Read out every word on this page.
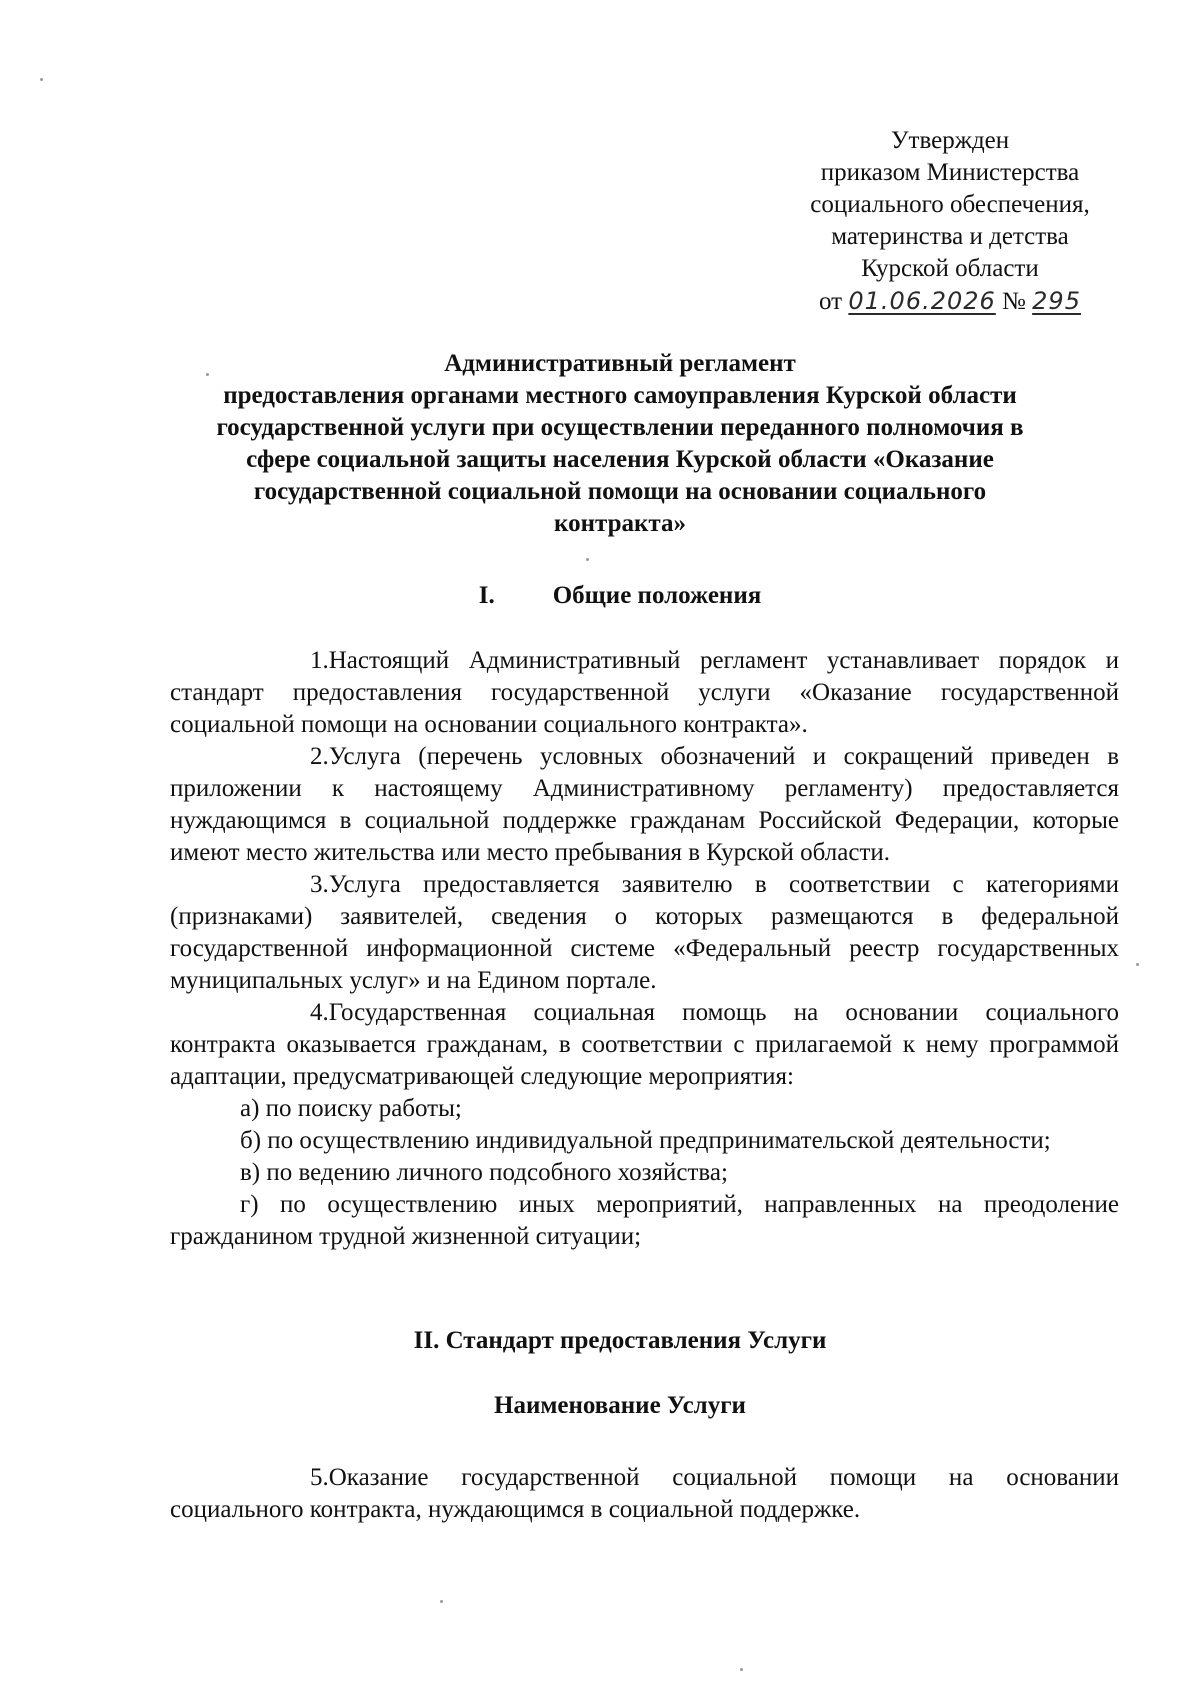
Утвержден
приказом Министерства
социального обеспечения,
материнства и детства
Курской области
от 01.06.2026 № 295
Административный регламент
предоставления органами местного самоуправления Курской области
государственной услуги при осуществлении переданного полномочия в
сфере социальной защиты населения Курской области «Оказание
государственной социальной помощи на основании социального
контракта»
I. Общие положения

1.Настоящий Административный регламент устанавливает порядок и стандарт предоставления государственной услуги «Оказание государственной социальной помощи на основании социального контракта».

2.Услуга (перечень условных обозначений и сокращений приведен в приложении к настоящему Административному регламенту) предоставляется нуждающимся в социальной поддержке гражданам Российской Федерации, которые имеют место жительства или место пребывания в Курской области.

3.Услуга предоставляется заявителю в соответствии с категориями (признаками) заявителей, сведения о которых размещаются в федеральной государственной информационной системе «Федеральный реестр государственных муниципальных услуг» и на Едином портале.

4.Государственная социальная помощь на основании социального контракта оказывается гражданам, в соответствии с прилагаемой к нему программой адаптации, предусматривающей следующие мероприятия:

а) по поиску работы;

б) по осуществлению индивидуальной предпринимательской деятельности;

в) по ведению личного подсобного хозяйства;

г) по осуществлению иных мероприятий, направленных на преодоление гражданином трудной жизненной ситуации;

II. Стандарт предоставления Услуги
Наименование Услуги

5.Оказание государственной социальной помощи на основании социального контракта, нуждающимся в социальной поддержке.
